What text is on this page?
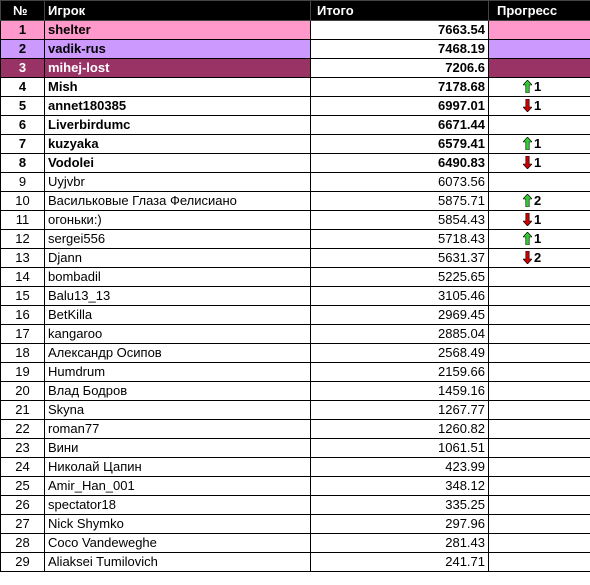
№	Игрок	Итого	Прогресс
1	shelter	7663.54	
2	vadik-rus	7468.19	
3	mihej-lost	7206.6	
4	Mish	7178.68	1
5	annet180385	6997.01	1
6	Liverbirdumc	6671.44	
7	kuzyaka	6579.41	1
8	Vodolei	6490.83	1
9	Uyjvbr	6073.56	
10	Васильковые Глаза Фелисиано	5875.71	2
11	огоньки:)	5854.43	1
12	sergei556	5718.43	1
13	Djann	5631.37	2
14	bombadil	5225.65	
15	Balu13_13	3105.46	
16	BetKilla	2969.45	
17	kangaroo	2885.04	
18	Александр Осипов	2568.49	
19	Humdrum	2159.66	
20	Влад Бодров	1459.16	
21	Skyna	1267.77	
22	roman77	1260.82	
23	Вини	1061.51	
24	Николай Цапин	423.99	
25	Amir_Han_001	348.12	
26	spectator18	335.25	
27	Nick Shymko	297.96	
28	Coco Vandeweghe	281.43	
29	Aliaksei Tumilovich	241.71	
